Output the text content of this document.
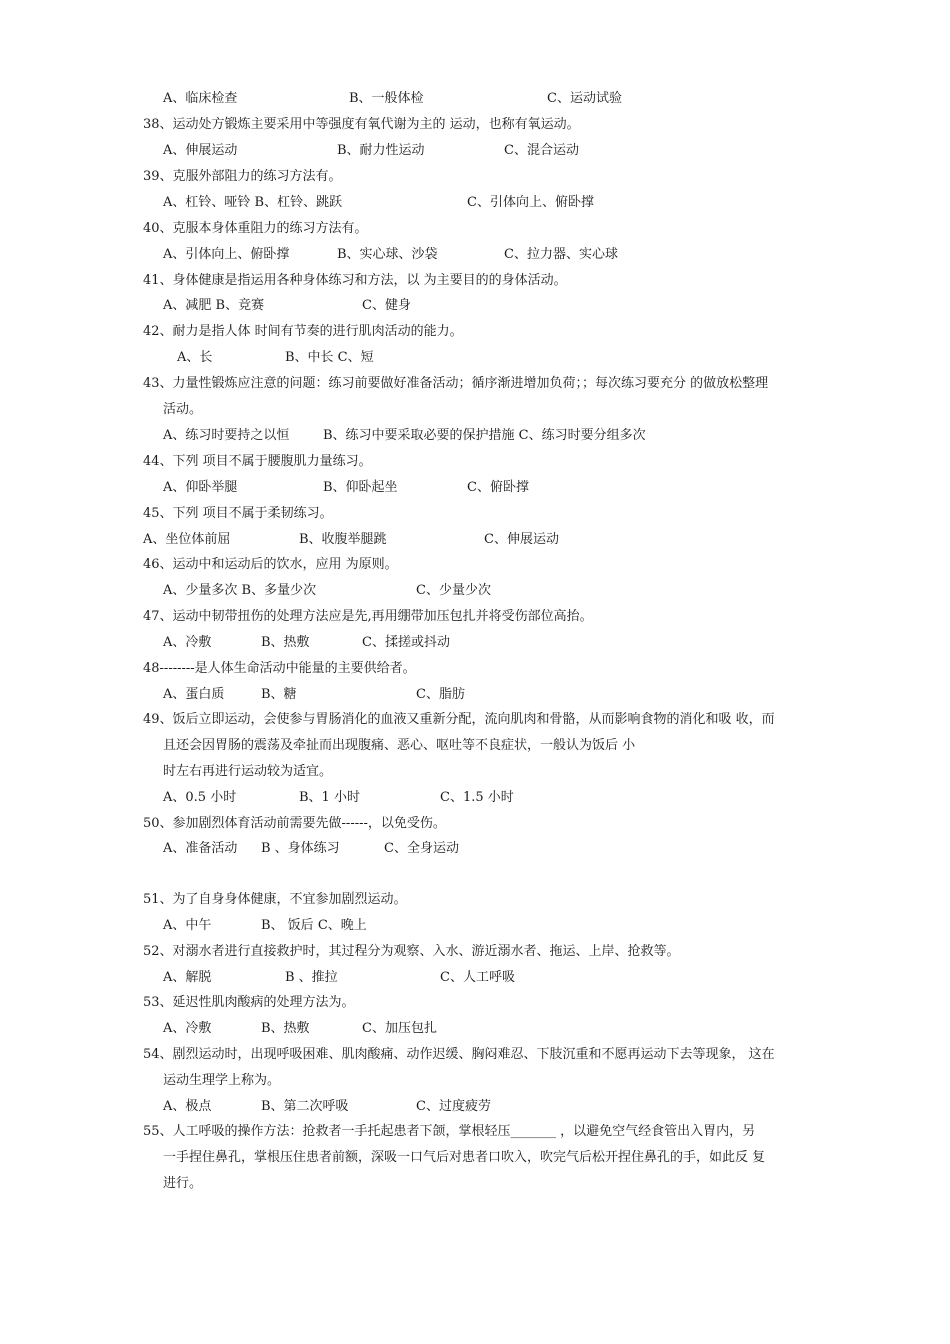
A、临床检查	B、一般体检	C、运动试验
38、运动处方锻炼主要采用中等强度有氧代谢为主的 运动，也称有氧运动。
A、伸展运动	B、耐力性运动	C、混合运动
39、克服外部阻力的练习方法有。
A、杠铃、哑铃 B、杠铃、跳跃	C、引体向上、俯卧撑
40、克服本身体重阻力的练习方法有。
A、引体向上、俯卧撑	B、实心球、沙袋	C、拉力器、实心球
41、身体健康是指运用各种身体练习和方法，以 为主要目的的身体活动。
A、减肥 B、竞赛	C、健身
42、耐力是指人体 时间有节奏的进行肌肉活动的能力。
A、长	B、中长 C、短
43、力量性锻炼应注意的问题：练习前要做好准备活动；循序渐进增加负荷；；每次练习要充分 的做放松整理
活动。
A、练习时要持之以恒	B、练习中要采取必要的保护措施 C、练习时要分组多次
44、下列 项目不属于腰腹肌力量练习。
A、仰卧举腿	B、仰卧起坐	C、俯卧撑
45、下列 项目不属于柔韧练习。
A、坐位体前屈	B、收腹举腿跳	C、伸展运动
46、运动中和运动后的饮水，应用 为原则。
A、少量多次 B、多量少次	C、少量少次
47、运动中韧带扭伤的处理方法应是先,再用绷带加压包扎并将受伤部位高抬。
A、冷敷	B、热敷	C、揉搓或抖动
48--------是人体生命活动中能量的主要供给者。
A、蛋白质	B、糖	C、脂肪
49、饭后立即运动，会使参与胃肠消化的血液又重新分配，流向肌肉和骨骼，从而影响食物的消化和吸 收，而
且还会因胃肠的震荡及牵扯而出现腹痛、恶心、呕吐等不良症状，一般认为饭后 小
时左右再进行运动较为适宜。
A、0.5 小时	B、1 小时	C、1.5 小时
50、参加剧烈体育活动前需要先做------，以免受伤。
A、准备活动 B 、身体练习	C、全身运动
51、为了自身身体健康，不宜参加剧烈运动。
A、中午	B、 饭后 C、晚上
52、对溺水者进行直接救护时，其过程分为观察、入水、游近溺水者、拖运、上岸、抢救等。
A、解脱	B 、推拉	C、人工呼吸
53、延迟性肌肉酸病的处理方法为。
A、冷敷	B、热敷	C、加压包扎
54、剧烈运动时，出现呼吸困难、肌肉酸痛、动作迟缓、胸闷难忍、下肢沉重和不愿再运动下去等现象， 这在
运动生理学上称为。
A、极点	B、第二次呼吸	C、过度疲劳
55、人工呼吸的操作方法：抢救者一手托起患者下颌，掌根轻压_______ ，以避免空气经食管出入胃内，另
一手捏住鼻孔，掌根压住患者前额，深吸一口气后对患者口吹入，吹完气后松开捏住鼻孔的手，如此反 复
进行。
